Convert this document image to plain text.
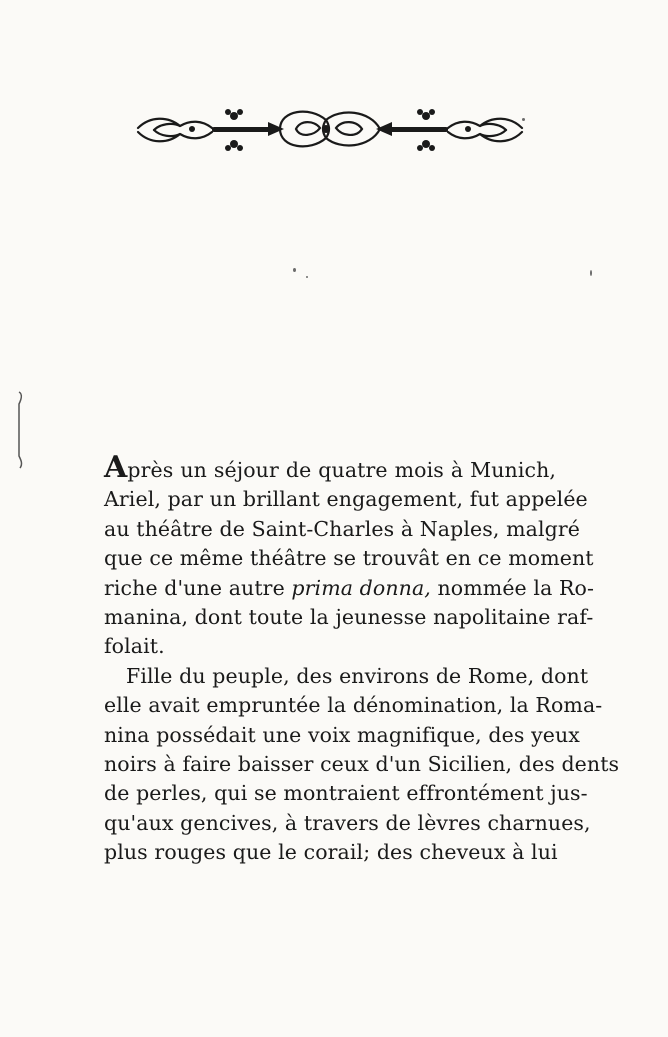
Après un séjour de quatre mois à Munich,
Ariel, par un brillant engagement, fut appelée
au théâtre de Saint-Charles à Naples, malgré
que ce même théâtre se trouvât en ce moment
riche d'une autre prima donna, nommée la Ro-
manina, dont toute la jeunesse napolitaine raf-
folait.

Fille du peuple, des environs de Rome, dont
elle avait empruntée la dénomination, la Roma-
nina possédait une voix magnifique, des yeux
noirs à faire baisser ceux d'un Sicilien, des dents
de perles, qui se montraient effrontément jus-
qu'aux gencives, à travers de lèvres charnues,
plus rouges que le corail; des cheveux à lui
